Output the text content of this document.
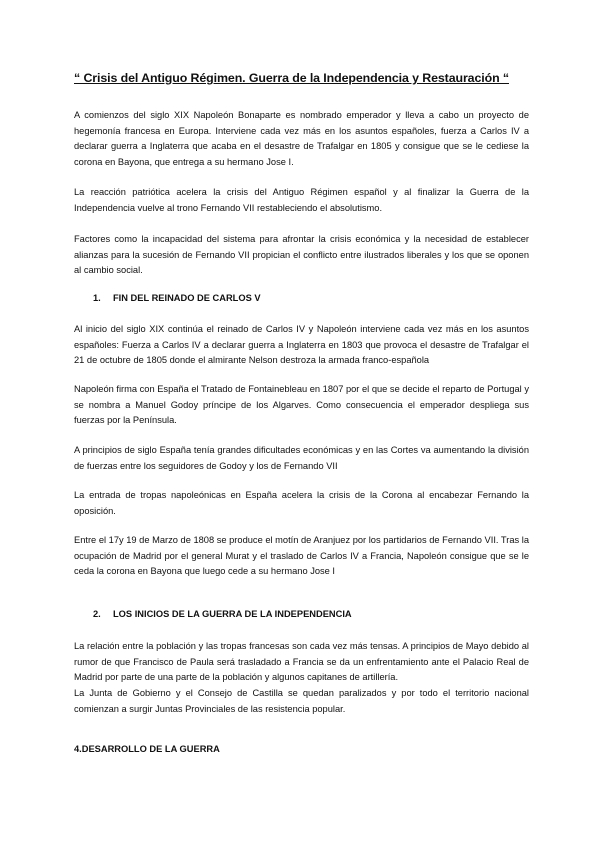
“ Crisis del Antiguo Régimen. Guerra de la Independencia y Restauración “

A comienzos del siglo XIX Napoleón Bonaparte es nombrado emperador y lleva a cabo un proyecto de hegemonía francesa en Europa. Interviene cada vez más en los asuntos españoles, fuerza a Carlos IV a declarar guerra a Inglaterra que acaba en el desastre de Trafalgar en 1805 y consigue que se le cediese la corona en Bayona, que entrega a su hermano Jose I.

La reacción patriótica acelera la crisis del Antiguo Régimen español y al finalizar la Guerra de la Independencia vuelve al trono Fernando VII restableciendo el absolutismo.

Factores como la incapacidad del sistema para afrontar la crisis económica y la necesidad de establecer alianzas para la sucesión de Fernando VII propician el conflicto entre ilustrados liberales y los que se oponen al cambio social.

1. FIN DEL REINADO DE CARLOS V

Al inicio del siglo XIX continúa el reinado de Carlos IV y Napoleón interviene cada vez más en los asuntos españoles: Fuerza a Carlos IV a declarar guerra a Inglaterra en 1803 que provoca el desastre de Trafalgar el 21 de octubre de 1805 donde el almirante Nelson destroza la armada franco-española

Napoleón firma con España el Tratado de Fontainebleau en 1807 por el que se decide el reparto de Portugal y se nombra a Manuel Godoy príncipe de los Algarves. Como consecuencia el emperador despliega sus fuerzas por la Península.

A principios de siglo España tenía grandes dificultades económicas y en las Cortes va aumentando la división de fuerzas entre los seguidores de Godoy y los de Fernando VII

La entrada de tropas napoleónicas en España acelera la crisis de la Corona al encabezar Fernando la oposición.

Entre el 17y 19 de Marzo de 1808 se produce el motín de Aranjuez por los partidarios de Fernando VII. Tras la ocupación de Madrid por el general Murat y el traslado de Carlos IV a Francia, Napoleón consigue que se le ceda la corona en Bayona que luego cede a su hermano Jose I

2. LOS INICIOS DE LA GUERRA DE LA INDEPENDENCIA

La relación entre la población y las tropas francesas son cada vez más tensas. A principios de Mayo debido al rumor de que Francisco de Paula será trasladado a Francia se da un enfrentamiento ante el Palacio Real de Madrid por parte de una parte de la población y algunos capitanes de artillería.

La Junta de Gobierno y el Consejo de Castilla se quedan paralizados y por todo el territorio nacional comienzan a surgir Juntas Provinciales de las resistencia popular.

4.DESARROLLO DE LA GUERRA
